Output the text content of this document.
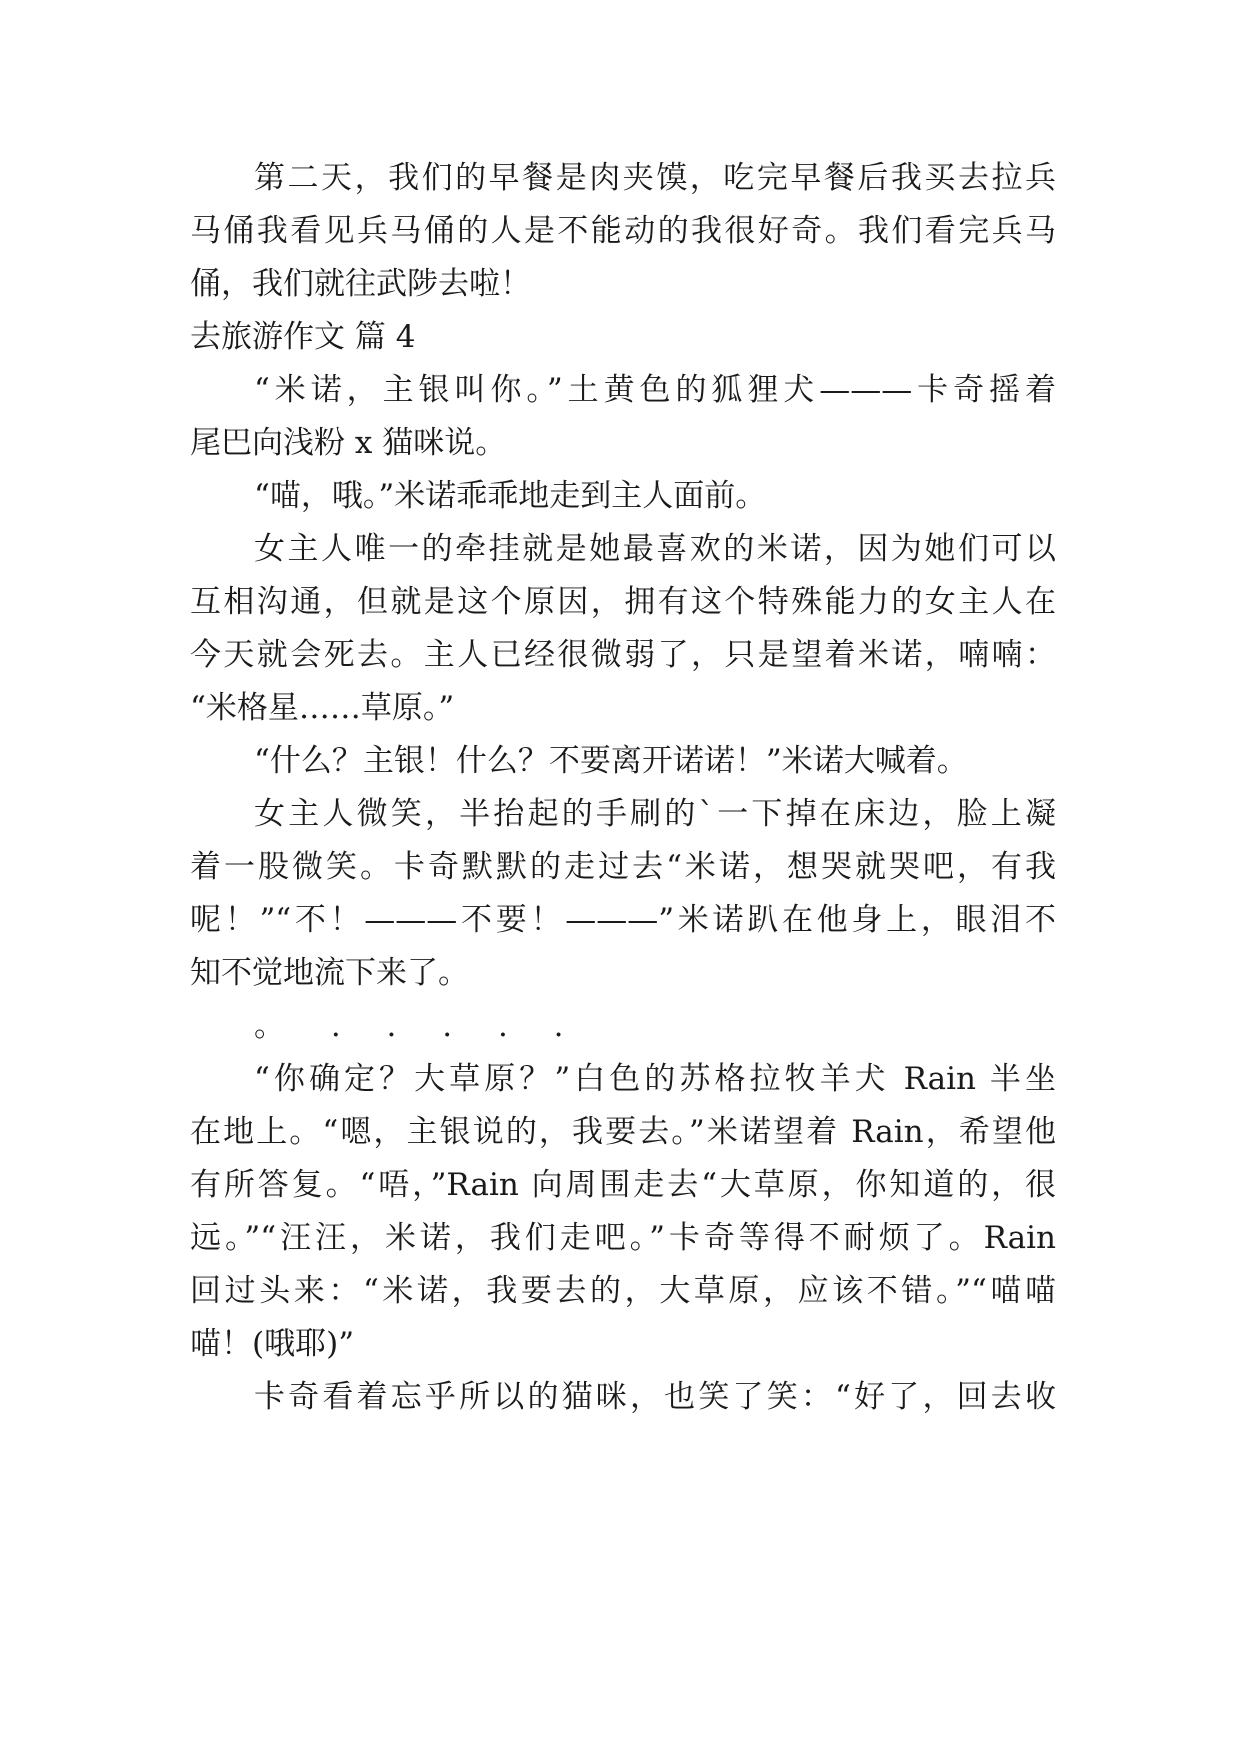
第二天，我们的早餐是肉夹馍，吃完早餐后我买去拉兵
马俑我看见兵马俑的人是不能动的我很好奇。我们看完兵马
俑，我们就往武陟去啦！
去旅游作文 篇 4
“米诺，主银叫你。”土黄色的狐狸犬———卡奇摇着
尾巴向浅粉 x 猫咪说。
“喵，哦。”米诺乖乖地走到主人面前。
女主人唯一的牵挂就是她最喜欢的米诺，因为她们可以
互相沟通，但就是这个原因，拥有这个特殊能力的女主人在
今天就会死去。主人已经很微弱了，只是望着米诺，喃喃：
“米格星……草原。”
“什么？主银！什么？不要离开诺诺！”米诺大喊着。
女主人微笑，半抬起的手刷的`一下掉在床边，脸上凝
着一股微笑。卡奇默默的走过去“米诺，想哭就哭吧，有我
呢！”“不！———不要！———”米诺趴在他身上，眼泪不
知不觉地流下来了。
。 . . . . .
“你确定？大草原？”白色的苏格拉牧羊犬 Rain 半坐
在地上。“嗯，主银说的，我要去。”米诺望着 Rain，希望他
有所答复。“唔，”Rain 向周围走去“大草原，你知道的，很
远。”“汪汪，米诺，我们走吧。”卡奇等得不耐烦了。Rain
回过头来：“米诺，我要去的，大草原，应该不错。”“喵喵
喵！(哦耶)”
卡奇看着忘乎所以的猫咪，也笑了笑：“好了，回去收
